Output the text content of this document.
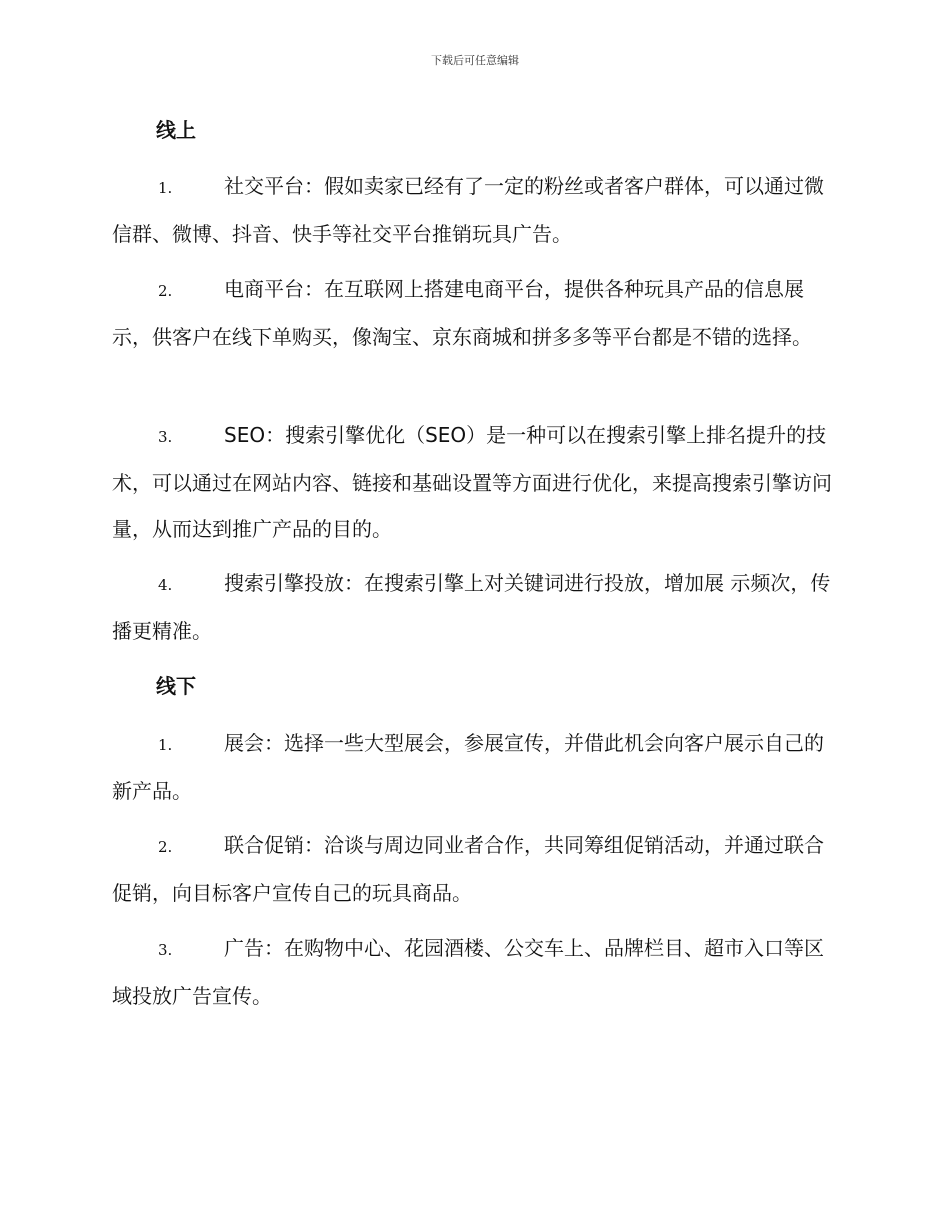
下载后可任意编辑
线上

1.	社交平台：假如卖家已经有了一定的粉丝或者客户群体，可以通过微信群、微博、抖音、快手等社交平台推销玩具广告。

2.	电商平台：在互联网上搭建电商平台，提供各种玩具产品的信息展示，供客户在线下单购买，像淘宝、京东商城和拼多多等平台都是不错的选择。

3.	SEO：搜索引擎优化（SEO）是一种可以在搜索引擎上排名提升的技术，可以通过在网站内容、链接和基础设置等方面进行优化，来提高搜索引擎访问量，从而达到推广产品的目的。

4.	搜索引擎投放：在搜索引擎上对关键词进行投放，增加展 示频次，传播更精准。

线下

1.	展会：选择一些大型展会，参展宣传，并借此机会向客户展示自己的新产品。

2.	联合促销：洽谈与周边同业者合作，共同筹组促销活动，并通过联合促销，向目标客户宣传自己的玩具商品。

3.	广告：在购物中心、花园酒楼、公交车上、品牌栏目、超市入口等区域投放广告宣传。
